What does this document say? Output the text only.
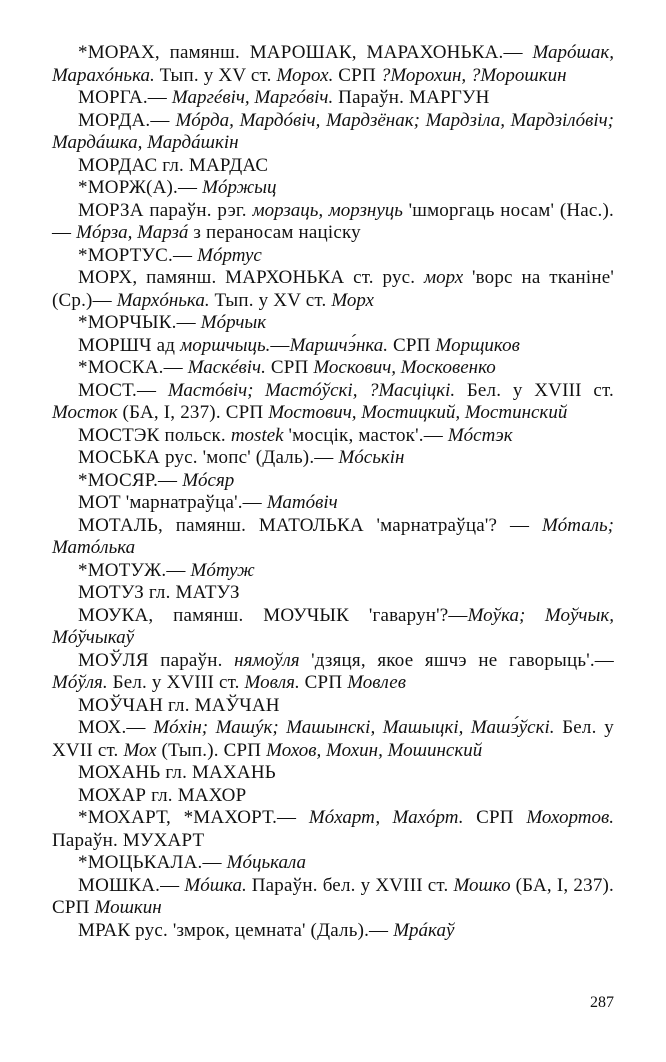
*МОРАХ, памянш. МАРОШАК, МАРАХОНЬКА.— Марóшак, Марахóнька. Тып. у XV ст. Морох. СРП ?Морохин, ?Морошкин

МОРГА.— Маргéвіч, Маргóвіч. Параўн. МАРГУН

МОРДА.— Мóрда, Мардóвіч, Мардзёнак; Мардзіла, Мардзілóвіч; Мардáшка, Мардáшкін

МОРДАС гл. МАРДАС

*МОРЖ(А).— Мóржыц

МОРЗА параўн. рэг. морзаць, морзнуць 'шморгаць носам' (Нас.).— Мóрза, Марзá з пераносам націску

*МОРТУС.— Мóртус

МОРХ, памянш. МАРХОНЬКА ст. рус. морх 'ворс на тканіне' (Ср.)— Мархóнька. Тып. у XV ст. Морх

*МОРЧЫК.— Мóрчык

МОРШЧ ад моршчыць.—Маршчэ́нка. СРП Морщиков

*МОСКА.— Маскéвіч. СРП Москович, Московенко

МОСТ.— Мастóвіч; Мастóўскі, ?Масціцкі. Бел. у XVIII ст. Мосток (БА, I, 237). СРП Мостович, Мостицкий, Мостинский

МОСТЭК польск. mostek 'мосцік, масток'.— Мóстэк

МОСЬКА рус. 'мопс' (Даль).— Мóськін

*МОСЯР.— Мóсяр

МОТ 'марнатраўца'.— Матóвіч

МОТАЛЬ, памянш. МАТОЛЬКА 'марнатраўца'? — Мóталь; Матóлька

*МОТУЖ.— Мóтуж

МОТУЗ гл. МАТУЗ

МОУКА, памянш. МОУЧЫК 'гаварун'?—Моўка; Моўчык, Мóўчыкаў

МОЎЛЯ параўн. нямоўля 'дзяця, якое яшчэ не гаворыць'.—Мóўля. Бел. у XVIII ст. Мовля. СРП Мовлев

МОЎЧАН гл. МАЎЧАН

МОХ.— Мóхін; Машýк; Машынскі, Машыцкі, Машэ́ўскі. Бел. у XVII ст. Мох (Тып.). СРП Мохов, Мохин, Мошинский

МОХАНЬ гл. МАХАНЬ

МОХАР гл. МАХОР

*МОХАРТ, *МАХОРТ.— Мóхарт, Махóрт. СРП Мохортов. Параўн. МУХАРТ

*МОЦЬКАЛА.— Мóцькала

МОШКА.— Мóшка. Параўн. бел. у XVIII ст. Мошко (БА, I, 237). СРП Мошкин

МРАК рус. 'змрок, цемната' (Даль).— Мрáкаў

287
